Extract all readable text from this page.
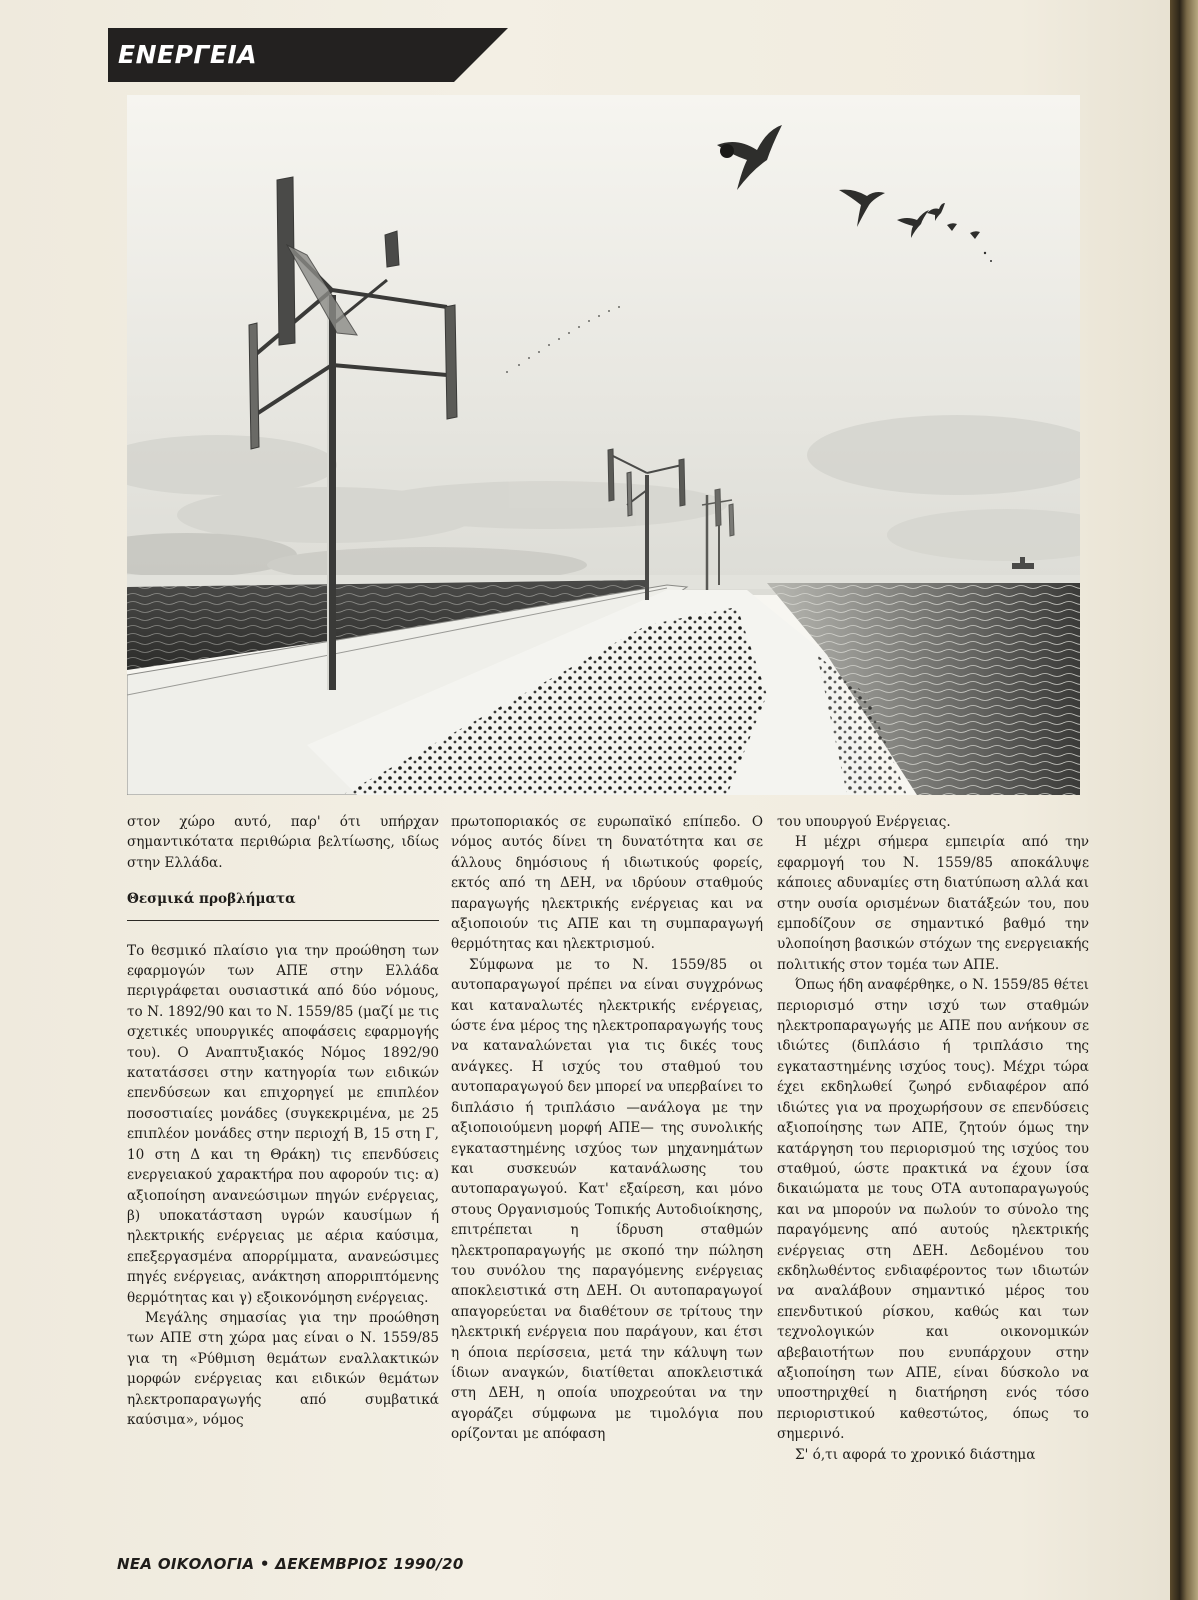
ΕΝΕΡΓΕΙΑ

στον χώρο αυτό, παρ' ότι υπήρχαν σημαντικότατα περιθώρια βελτίωσης, ιδίως στην Ελλάδα.

Θεσμικά προβλήματα

Το θεσμικό πλαίσιο για την προώθηση των εφαρμογών των ΑΠΕ στην Ελλάδα περιγράφεται ουσιαστικά από δύο νόμους, το Ν. 1892/90 και το Ν. 1559/85 (μαζί με τις σχετικές υπουργικές αποφάσεις εφαρμογής του). Ο Αναπτυξιακός Νόμος 1892/90 κατατάσσει στην κατηγορία των ειδικών επενδύσεων και επιχορηγεί με επιπλέον ποσοστιαίες μονάδες (συγκεκριμένα, με 25 επιπλέον μονάδες στην περιοχή Β, 15 στη Γ, 10 στη Δ και τη Θράκη) τις επενδύσεις ενεργειακού χαρακτήρα που αφορούν τις: α) αξιοποίηση ανανεώσιμων πηγών ενέργειας, β) υποκατάσταση υγρών καυσίμων ή ηλεκτρικής ενέργειας με αέρια καύσιμα, επεξεργασμένα απορρίμματα, ανανεώσιμες πηγές ενέργειας, ανάκτηση απορριπτόμενης θερμότητας και γ) εξοικονόμηση ενέργειας.

Μεγάλης σημασίας για την προώθηση των ΑΠΕ στη χώρα μας είναι ο Ν. 1559/85 για τη «Ρύθμιση θεμάτων εναλλακτικών μορφών ενέργειας και ειδικών θεμάτων ηλεκτροπαραγωγής από συμβατικά καύσιμα», νόμος

πρωτοποριακός σε ευρωπαϊκό επίπεδο. Ο νόμος αυτός δίνει τη δυνατότητα και σε άλλους δημόσιους ή ιδιωτικούς φορείς, εκτός από τη ΔΕΗ, να ιδρύουν σταθμούς παραγωγής ηλεκτρικής ενέργειας και να αξιοποιούν τις ΑΠΕ και τη συμπαραγωγή θερμότητας και ηλεκτρισμού.

Σύμφωνα με το Ν. 1559/85 οι αυτοπαραγωγοί πρέπει να είναι συγχρόνως και καταναλωτές ηλεκτρικής ενέργειας, ώστε ένα μέρος της ηλεκτροπαραγωγής τους να καταναλώνεται για τις δικές τους ανάγκες. Η ισχύς του σταθμού του αυτοπαραγωγού δεν μπορεί να υπερβαίνει το διπλάσιο ή τριπλάσιο —ανάλογα με την αξιοποιούμενη μορφή ΑΠΕ— της συνολικής εγκαταστημένης ισχύος των μηχανημάτων και συσκευών κατανάλωσης του αυτοπαραγωγού. Κατ' εξαίρεση, και μόνο στους Οργανισμούς Τοπικής Αυτοδιοίκησης, επιτρέπεται η ίδρυση σταθμών ηλεκτροπαραγωγής με σκοπό την πώληση του συνόλου της παραγόμενης ενέργειας αποκλειστικά στη ΔΕΗ. Οι αυτοπαραγωγοί απαγορεύεται να διαθέτουν σε τρίτους την ηλεκτρική ενέργεια που παράγουν, και έτσι η όποια περίσσεια, μετά την κάλυψη των ίδιων αναγκών, διατίθεται αποκλειστικά στη ΔΕΗ, η οποία υποχρεούται να την αγοράζει σύμφωνα με τιμολόγια που ορίζονται με απόφαση

του υπουργού Ενέργειας.

Η μέχρι σήμερα εμπειρία από την εφαρμογή του Ν. 1559/85 αποκάλυψε κάποιες αδυναμίες στη διατύπωση αλλά και στην ουσία ορισμένων διατάξεών του, που εμποδίζουν σε σημαντικό βαθμό την υλοποίηση βασικών στόχων της ενεργειακής πολιτικής στον τομέα των ΑΠΕ.

Όπως ήδη αναφέρθηκε, ο Ν. 1559/85 θέτει περιορισμό στην ισχύ των σταθμών ηλεκτροπαραγωγής με ΑΠΕ που ανήκουν σε ιδιώτες (διπλάσιο ή τριπλάσιο της εγκαταστημένης ισχύος τους). Μέχρι τώρα έχει εκδηλωθεί ζωηρό ενδιαφέρον από ιδιώτες για να προχωρήσουν σε επενδύσεις αξιοποίησης των ΑΠΕ, ζητούν όμως την κατάργηση του περιορισμού της ισχύος του σταθμού, ώστε πρακτικά να έχουν ίσα δικαιώματα με τους ΟΤΑ αυτοπαραγωγούς και να μπορούν να πωλούν το σύνολο της παραγόμενης από αυτούς ηλεκτρικής ενέργειας στη ΔΕΗ. Δεδομένου του εκδηλωθέντος ενδιαφέροντος των ιδιωτών να αναλάβουν σημαντικό μέρος του επενδυτικού ρίσκου, καθώς και των τεχνολογικών και οικονομικών αβεβαιοτήτων που ενυπάρχουν στην αξιοποίηση των ΑΠΕ, είναι δύσκολο να υποστηριχθεί η διατήρηση ενός τόσο περιοριστικού καθεστώτος, όπως το σημερινό.

Σ' ό,τι αφορά το χρονικό διάστημα

ΝΕΑ ΟΙΚΟΛΟΓΙΑ • ΔΕΚΕΜΒΡΙΟΣ 1990/20
